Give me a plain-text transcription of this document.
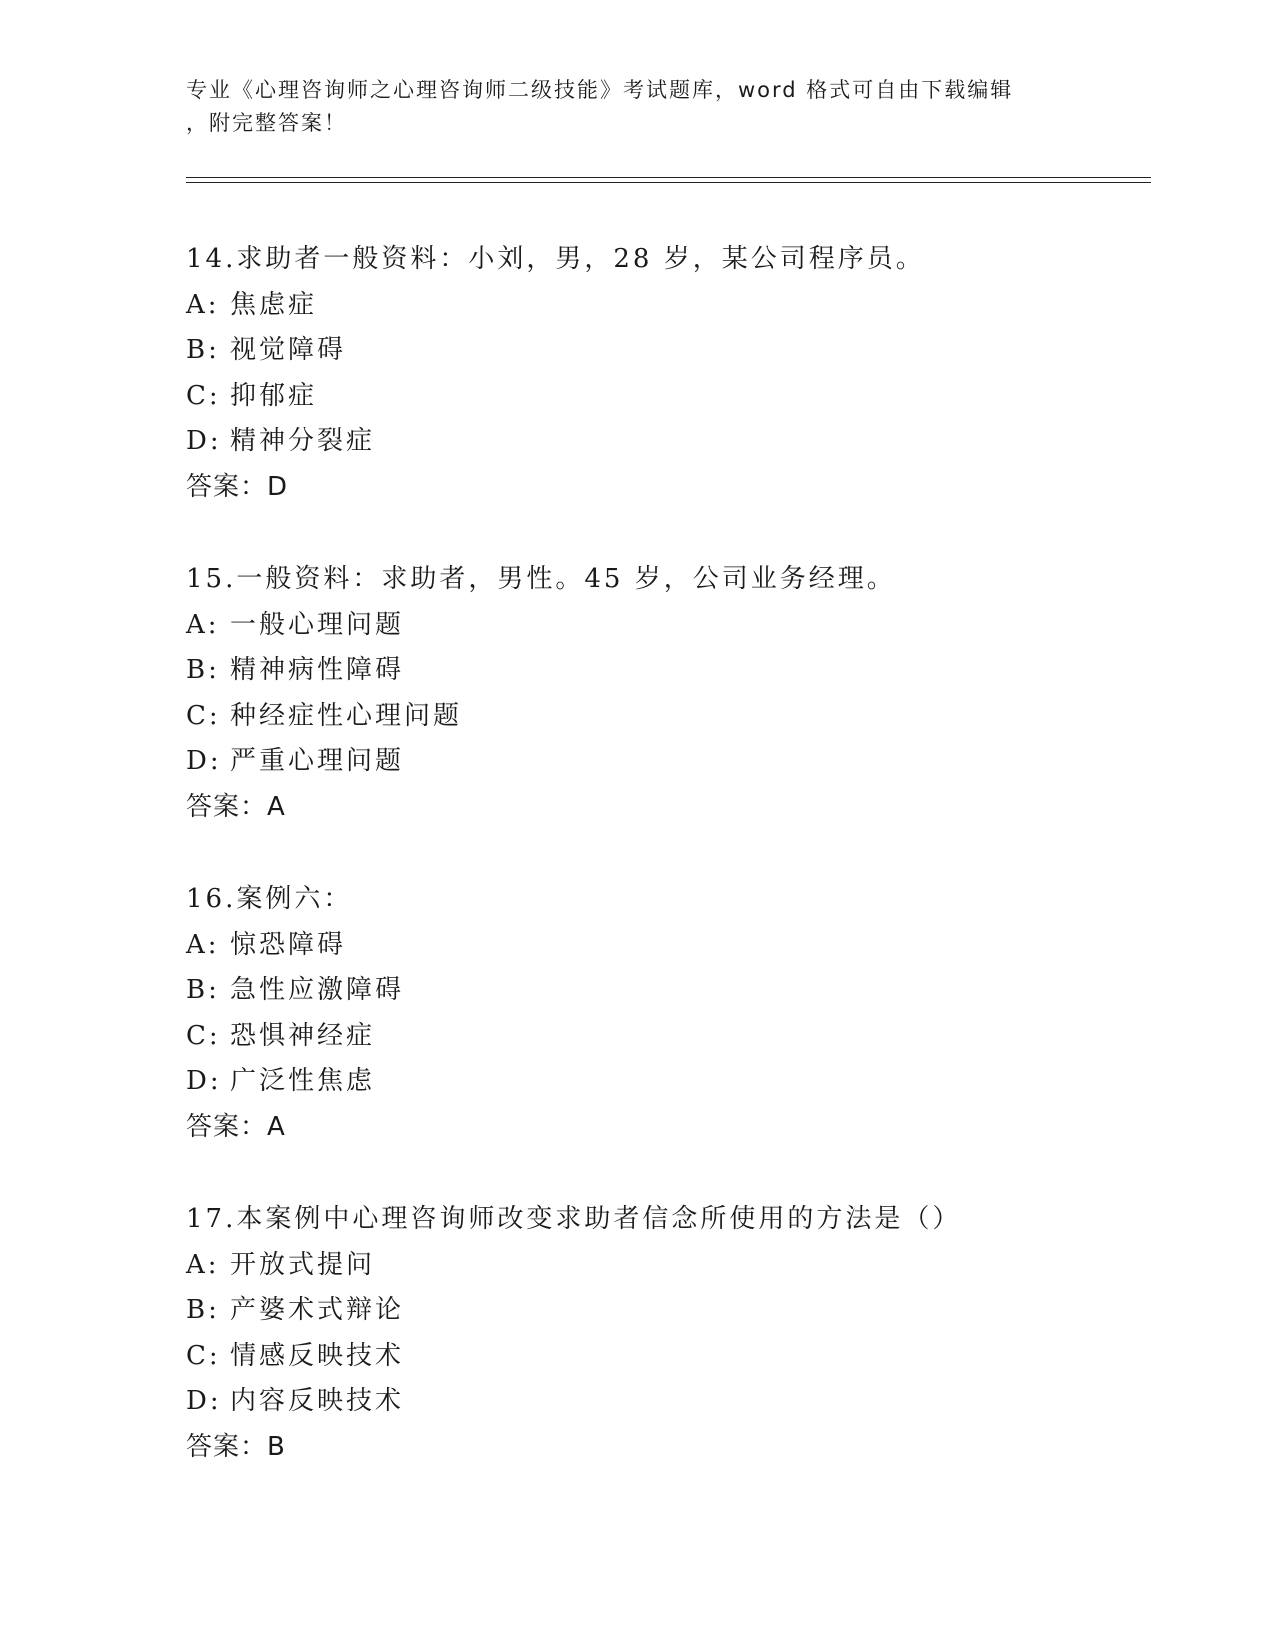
专业《心理咨询师之心理咨询师二级技能》考试题库，word 格式可自由下载编辑
，附完整答案！
14.求助者一般资料：小刘，男，28 岁，某公司程序员。
A: 焦虑症
B: 视觉障碍
C: 抑郁症
D: 精神分裂症
答案：D
15.一般资料：求助者，男性。45 岁，公司业务经理。
A: 一般心理问题
B: 精神病性障碍
C: 种经症性心理问题
D: 严重心理问题
答案：A
16.案例六：
A: 惊恐障碍
B: 急性应激障碍
C: 恐惧神经症
D: 广泛性焦虑
答案：A
17.本案例中心理咨询师改变求助者信念所使用的方法是（）
A: 开放式提问
B: 产婆术式辩论
C: 情感反映技术
D: 内容反映技术
答案：B
